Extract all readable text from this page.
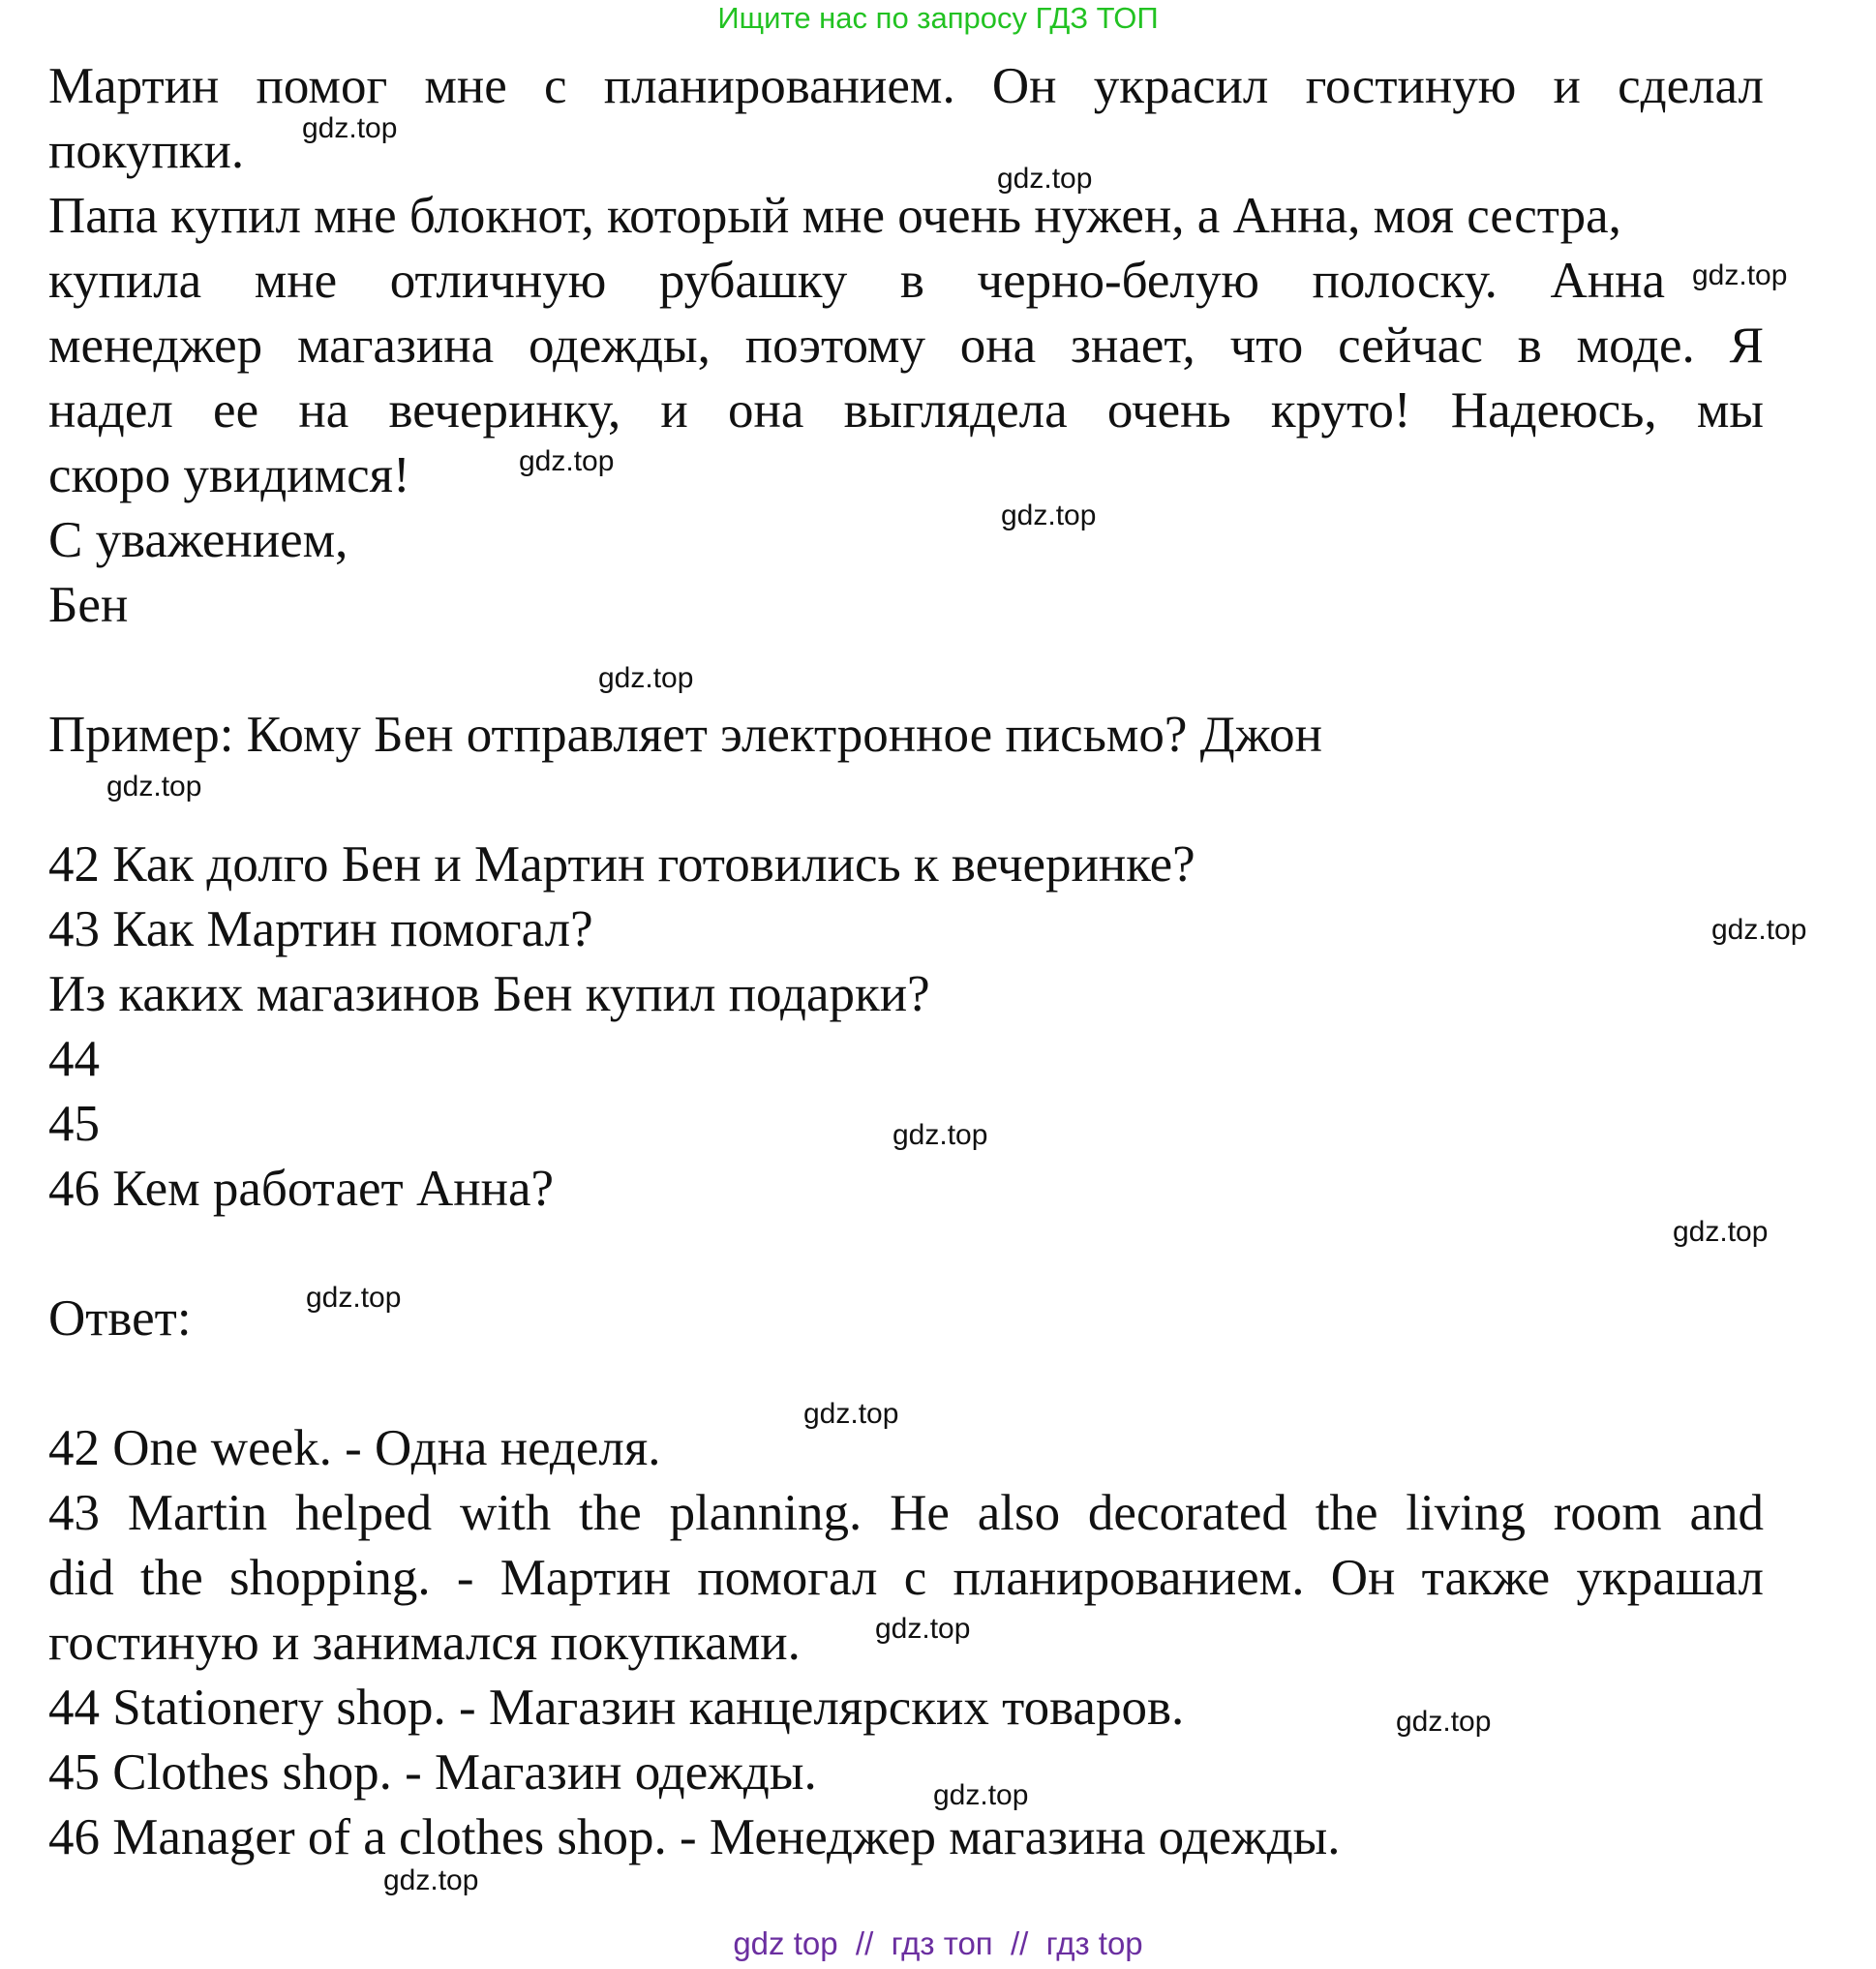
Ищите нас по запросу ГДЗ ТОП
Мартин помог мне с планированием. Он украсил гостиную и сделал
покупки.
Папа купил мне блокнот, который мне очень нужен, а Анна, моя сестра,
купила мне отличную рубашку в черно-белую полоску. Анна
менеджер магазина одежды, поэтому она знает, что сейчас в моде. Я
надел ее на вечеринку, и она выглядела очень круто! Надеюсь, мы
скоро увидимся!
С уважением,
Бен
Пример: Кому Бен отправляет электронное письмо? Джон
42 Как долго Бен и Мартин готовились к вечеринке?
43 Как Мартин помогал?
Из каких магазинов Бен купил подарки?
44
45
46 Кем работает Анна?
Ответ:
42 One week. - Одна неделя.
43 Martin helped with the planning. He also decorated the living room and
did the shopping. - Мартин помогал с планированием. Он также украшал
гостиную и занимался покупками.
44 Stationery shop. - Магазин канцелярских товаров.
45 Clothes shop. - Магазин одежды.
46 Manager of a clothes shop. - Менеджер магазина одежды.
gdz.top
gdz.top
gdz.top
gdz.top
gdz.top
gdz.top
gdz.top
gdz.top
gdz.top
gdz.top
gdz.top
gdz.top
gdz.top
gdz.top
gdz.top
gdz.top
gdz top  //  гдз топ  //  гдз top
